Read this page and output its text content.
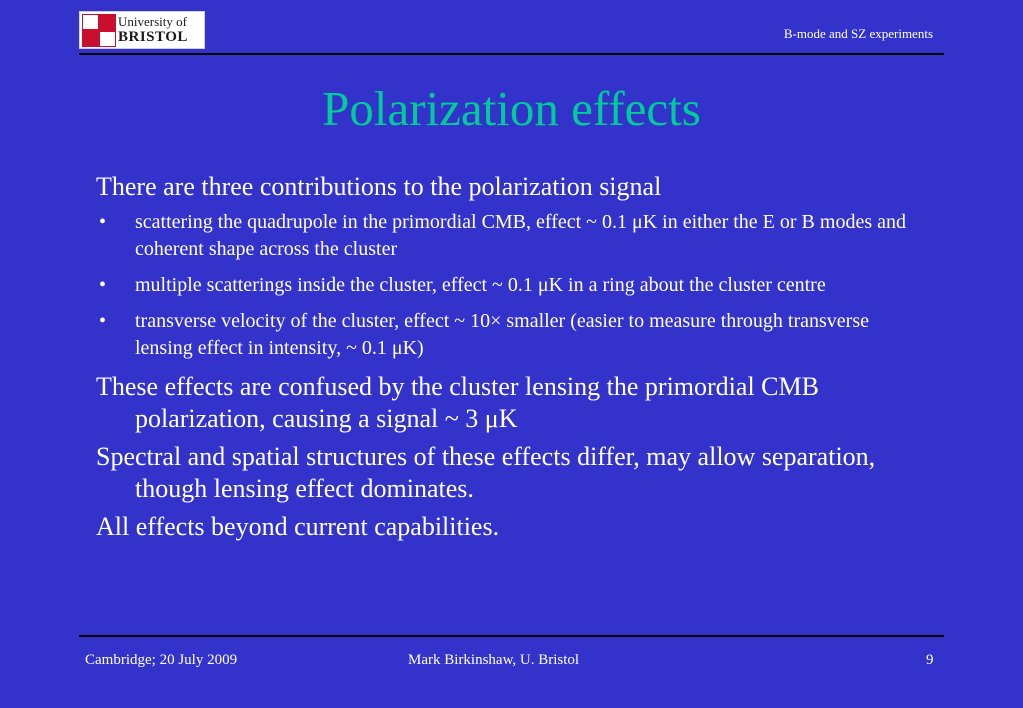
University of
BRISTOL	B-mode and SZ experiments
Polarization effects

There are three contributions to the polarization signal

• scattering the quadrupole in the primordial CMB, effect ~ 0.1 μK in either the E or B modes and coherent shape across the cluster
• multiple scatterings inside the cluster, effect ~ 0.1 μK in a ring about the cluster centre
• transverse velocity of the cluster, effect ~ 10× smaller (easier to measure through transverse lensing effect in intensity, ~ 0.1 μK)

These effects are confused by the cluster lensing the primordial CMB polarization, causing a signal ~ 3 μK

Spectral and spatial structures of these effects differ, may allow separation, though lensing effect dominates.

All effects beyond current capabilities.

Cambridge; 20 July 2009	Mark Birkinshaw, U. Bristol	9
